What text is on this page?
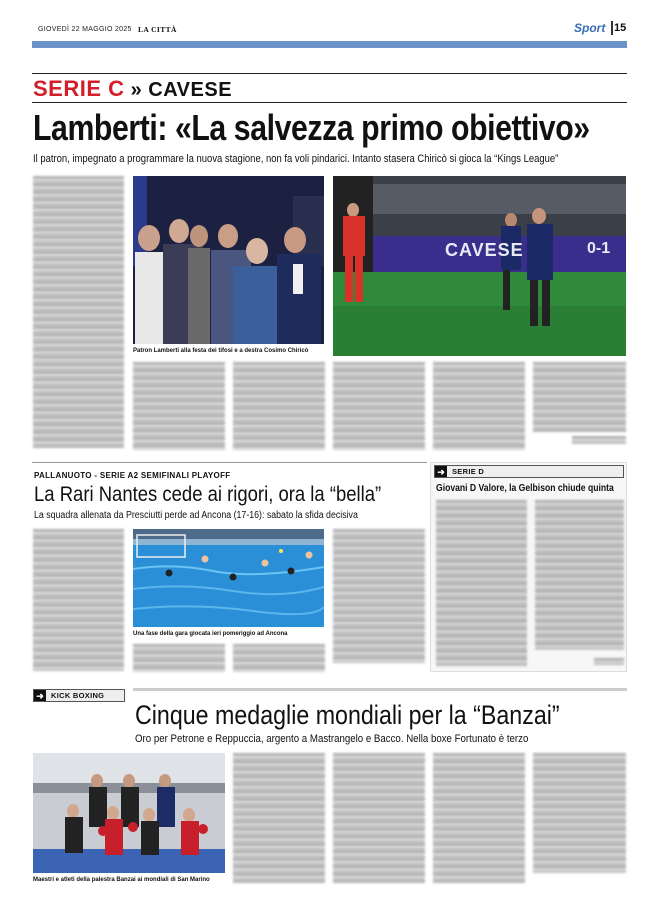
GIOVEDÌ 22 MAGGIO 2025 LA CITTÀ	Sport 15
SERIE C » CAVESE
Lamberti: «La salvezza primo obiettivo»
Il patron, impegnato a programmare la nuova stagione, non fa voli pindarici. Intanto stasera Chiricò si gioca la “Kings League”
Patron Lamberti alla festa dei tifosi e a destra Cosimo Chiricò
CAVESE	0-1
PALLANUOTO - SERIE A2 SEMIFINALI PLAYOFF
La Rari Nantes cede ai rigori, ora la “bella”
La squadra allenata da Presciutti perde ad Ancona (17-16): sabato la sfida decisiva
Una fase della gara giocata ieri pomeriggio ad Ancona
➜ SERIE D
Giovani D Valore, la Gelbison chiude quinta
➜ KICK BOXING
Cinque medaglie mondiali per la “Banzai”
Oro per Petrone e Reppuccia, argento a Mastrangelo e Bacco. Nella boxe Fortunato è terzo
Maestri e atleti della palestra Banzai ai mondiali di San Marino
